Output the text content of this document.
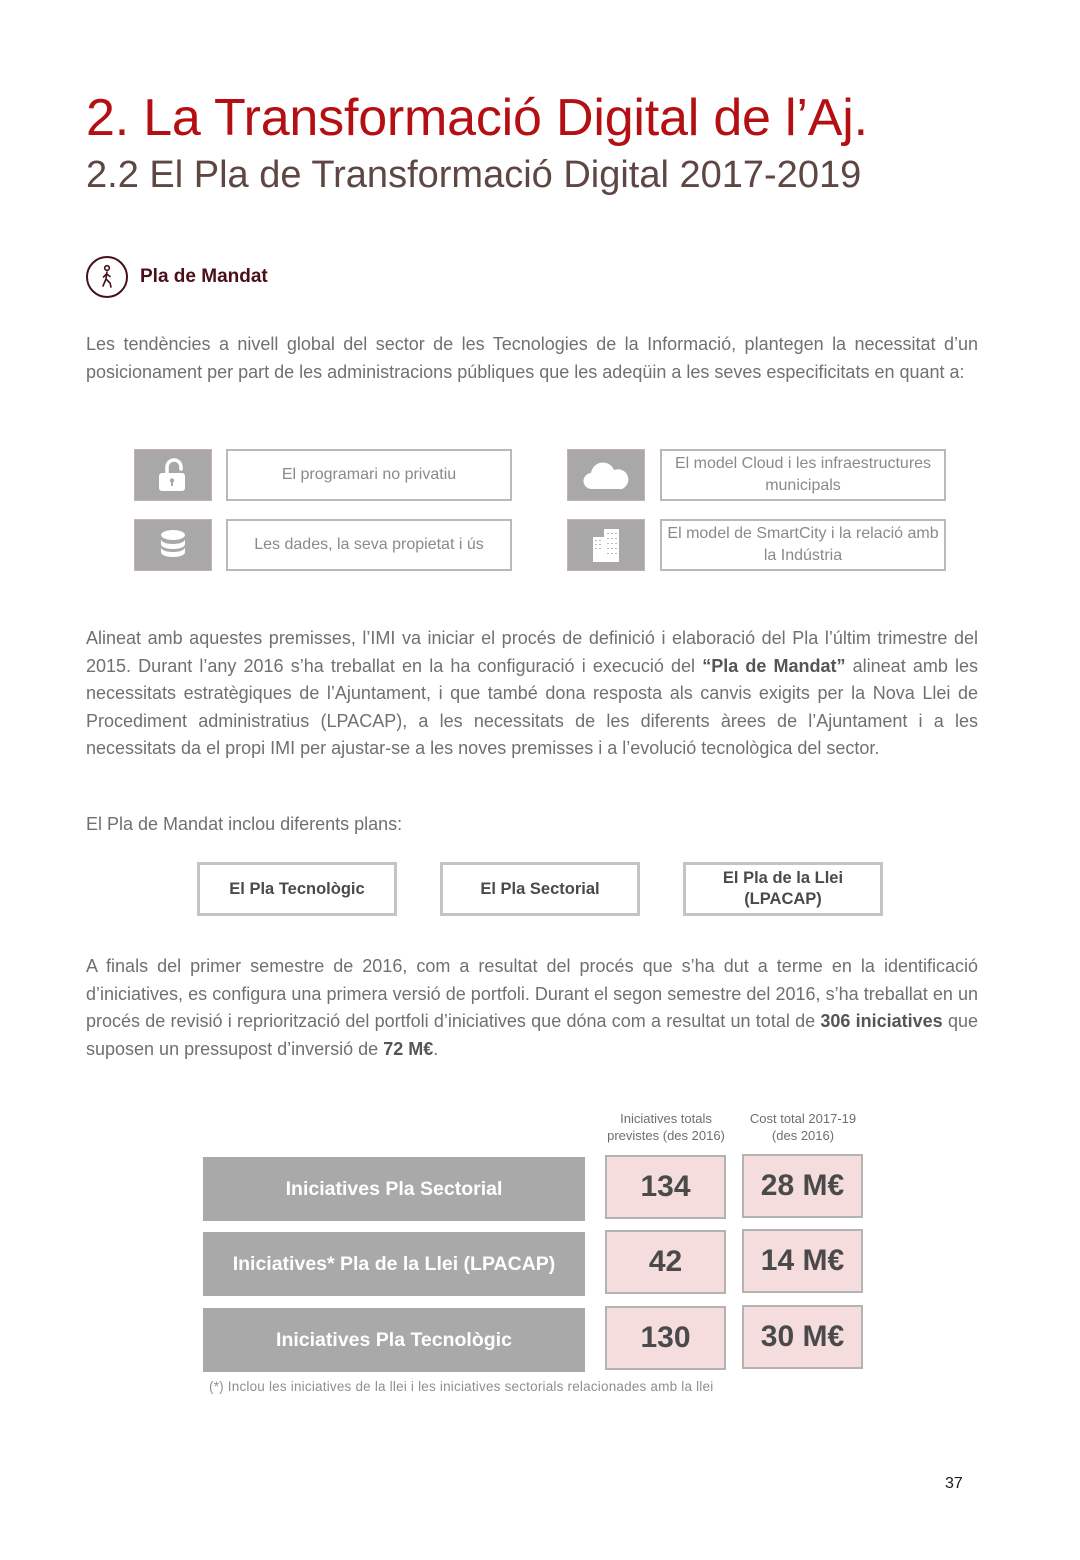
2. La Transformació Digital de l’Aj.
2.2 El Pla de Transformació Digital 2017-2019
Pla de Mandat
Les tendències a nivell global del sector de les Tecnologies de la Informació, plantegen la necessitat d’un posicionament per part de les administracions públiques que les adeqüin a les seves especificitats en quant a:
El programari no privatiu
El model Cloud i les infraestructures municipals
Les dades, la seva propietat i ús
El model de SmartCity i la relació amb la Indústria
Alineat amb aquestes premisses, l’IMI va iniciar el procés de definició i elaboració del Pla l’últim trimestre del 2015. Durant l’any 2016 s’ha treballat en la ha configuració i execució del “Pla de Mandat” alineat amb les necessitats estratègiques de l’Ajuntament, i que també dona resposta als canvis exigits per la Nova Llei de Procediment administratius (LPACAP), a les necessitats de les diferents àrees de l’Ajuntament i a les necessitats da el propi IMI per ajustar-se a les noves premisses i a l’evolució tecnològica del sector.
El Pla de Mandat inclou diferents plans:
El Pla Tecnològic	El Pla Sectorial
El Pla de la Llei (LPACAP)
A finals del primer semestre de 2016, com a resultat del procés que s’ha dut a terme en la identificació d’iniciatives, es configura una primera versió de portfoli. Durant el segon semestre del 2016, s’ha treballat en un procés de revisió i repriorització del portfoli d’iniciatives que dóna com a resultat un total de 306 iniciatives que suposen un pressupost d’inversió de 72 M€.
Iniciatives totals previstes (des 2016)
Cost total 2017-19 (des 2016)
Iniciatives Pla Sectorial	134	28 M€
Iniciatives* Pla de la Llei (LPACAP)	42	14 M€
Iniciatives Pla Tecnològic	130	30 M€
(*) Inclou les iniciatives de la llei i les iniciatives sectorials relacionades amb la llei
37
